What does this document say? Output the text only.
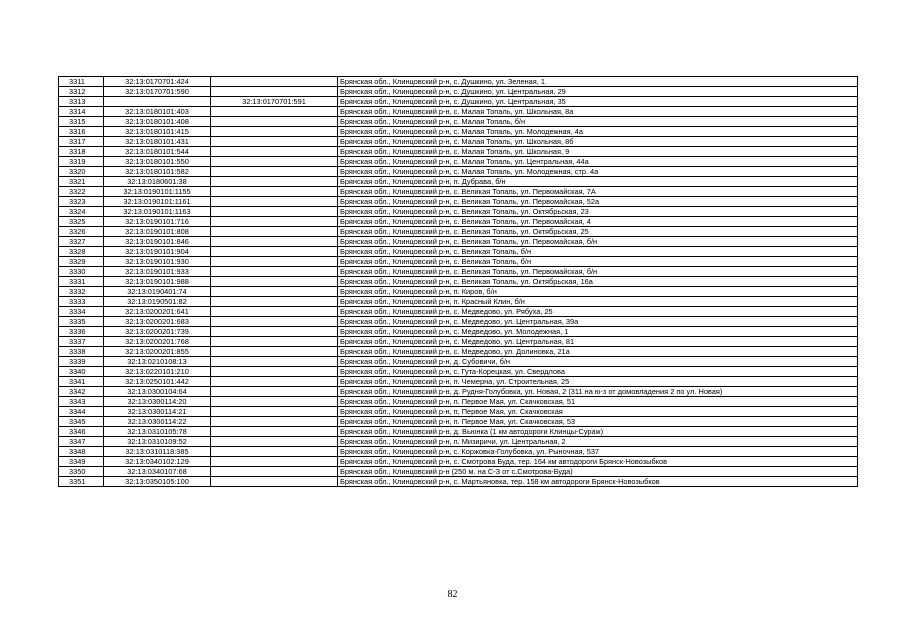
3311	32:13:0170701:424		Брянская обл., Клинцовский р-н, с. Душкино, ул. Зеленая, 1
3312	32:13:0170701:590		Брянская обл., Клинцовский р-н, с. Душкино, ул. Центральная, 29
3313		32:13:0170701:591	Брянская обл., Клинцовский р-н, с. Душкино, ул. Центральная, 35
3314	32:13:0180101:403		Брянская обл., Клинцовский р-н, с. Малая Топаль, ул. Школьная, 8а
3315	32:13:0180101:408		Брянская обл., Клинцовский р-н, с. Малая Топаль, б/н
3316	32:13:0180101:415		Брянская обл., Клинцовский р-н, с. Малая Топаль, ул. Молодежная, 4а
3317	32:13:0180101:431		Брянская обл., Клинцовский р-н, с. Малая Топаль, ул. Школьная, 8б
3318	32:13:0180101:544		Брянская обл., Клинцовский р-н, с. Малая Топаль, ул. Школьная, 9
3319	32:13:0180101:550		Брянская обл., Клинцовский р-н, с. Малая Топаль, ул. Центральная, 44а
3320	32:13:0180101:582		Брянская обл., Клинцовский р-н, с. Малая Топаль, ул. Молодежная, стр. 4а
3321	32:13:0180601:38		Брянская обл., Клинцовский р-н, п. Дубрава, б/н
3322	32:13:0190101:1155		Брянская обл., Клинцовский р-н, с. Великая Топаль, ул. Первомайская, 7А
3323	32:13:0190101:1161		Брянская обл., Клинцовский р-н, с. Великая Топаль, ул. Первомайская, 52а
3324	32:13:0190101:1163		Брянская обл., Клинцовский р-н, с. Великая Топаль, ул. Октябрьская, 23
3325	32:13:0190101:716		Брянская обл., Клинцовский р-н, с. Великая Топаль, ул. Первомайская, 4
3326	32:13:0190101:808		Брянская обл., Клинцовский р-н, с. Великая Топаль, ул. Октябрьская, 25
3327	32:13:0190101:846		Брянская обл., Клинцовский р-н, с. Великая Топаль, ул. Первомайская, б/н
3328	32:13:0190101:904		Брянская обл., Клинцовский р-н, с. Великая Топаль, б/н
3329	32:13:0190101:930		Брянская обл., Клинцовский р-н, с. Великая Топаль, б/н
3330	32:13:0190101:933		Брянская обл., Клинцовский р-н, с. Великая Топаль, ул. Первомайская, б/н
3331	32:13:0190101:988		Брянская обл., Клинцовский р-н, с. Великая Топаль, ул. Октябрьская, 16а
3332	32:13:0190401:74		Брянская обл., Клинцовский р-н, п. Киров, б/н
3333	32:13:0190501:82		Брянская обл., Клинцовский р-н, п. Красный Клин, б/н
3334	32:13:0200201:641		Брянская обл., Клинцовский р-н, с. Медведово, ул. Рябуха, 25
3335	32:13:0200201:683		Брянская обл., Клинцовский р-н, с. Медведово, ул. Центральная, 39а
3336	32:13:0200201:739		Брянская обл., Клинцовский р-н, с. Медведово, ул. Молодежная, 1
3337	32:13:0200201:768		Брянская обл., Клинцовский р-н, с. Медведово, ул. Центральная, 81
3338	32:13:0200201:855		Брянская обл., Клинцовский р-н, с. Медведово, ул. Долиновка, 21а
3339	32:13:0210108:13		Брянская обл., Клинцовский р-н, д. Субовичи, б/н
3340	32:13:0220101:210		Брянская обл., Клинцовский р-н, с. Гута-Корецкая, ул. Свердлова
3341	32:13:0250101:442		Брянская обл., Клинцовский р-н, п. Чемерна, ул. Строительная, 25
3342	32:13:0300104:64		Брянская обл., Клинцовский р-н, д. Рудня-Голубовка, ул. Новая, 2 (311 на ю-з от домовладения 2 по ул. Новая)
3343	32:13:0300114:20		Брянская обл., Клинцовский р-н, п. Первое Мая, ул. Скачковская, 51
3344	32:13:0300114:21		Брянская обл., Клинцовский р-н, п. Первое Мая, ул. Скачковская
3345	32:13:0300114:22		Брянская обл., Клинцовский р-н, п. Первое Мая, ул. Скачковская, 53
3346	32:13:0310105:78		Брянская обл., Клинцовский р-н, д. Вьюнка (1 км автодороги Клинцы-Сураж)
3347	32:13:0310109:52		Брянская обл., Клинцовский р-н, п. Мизиричи, ул. Центральная, 2
3348	32:13:0310118:385		Брянская обл., Клинцовский р-н, с. Коржовка-Голубовка, ул. Рыночная, 537
3349	32:13:0340102:129		Брянская обл., Клинцовский р-н, с. Смотрова Буда, тер. 164 км автодороги Брянск-Новозыбков
3350	32:13:0340107:68		Брянская обл., Клинцовский р-н (250 м. на С-З от с.Смотрова-Буда)
3351	32:13:0350105:100		Брянская обл., Клинцовский р-н, с. Мартьяновка, тер. 158 км автодороги Брянск-Новозыбков
82
